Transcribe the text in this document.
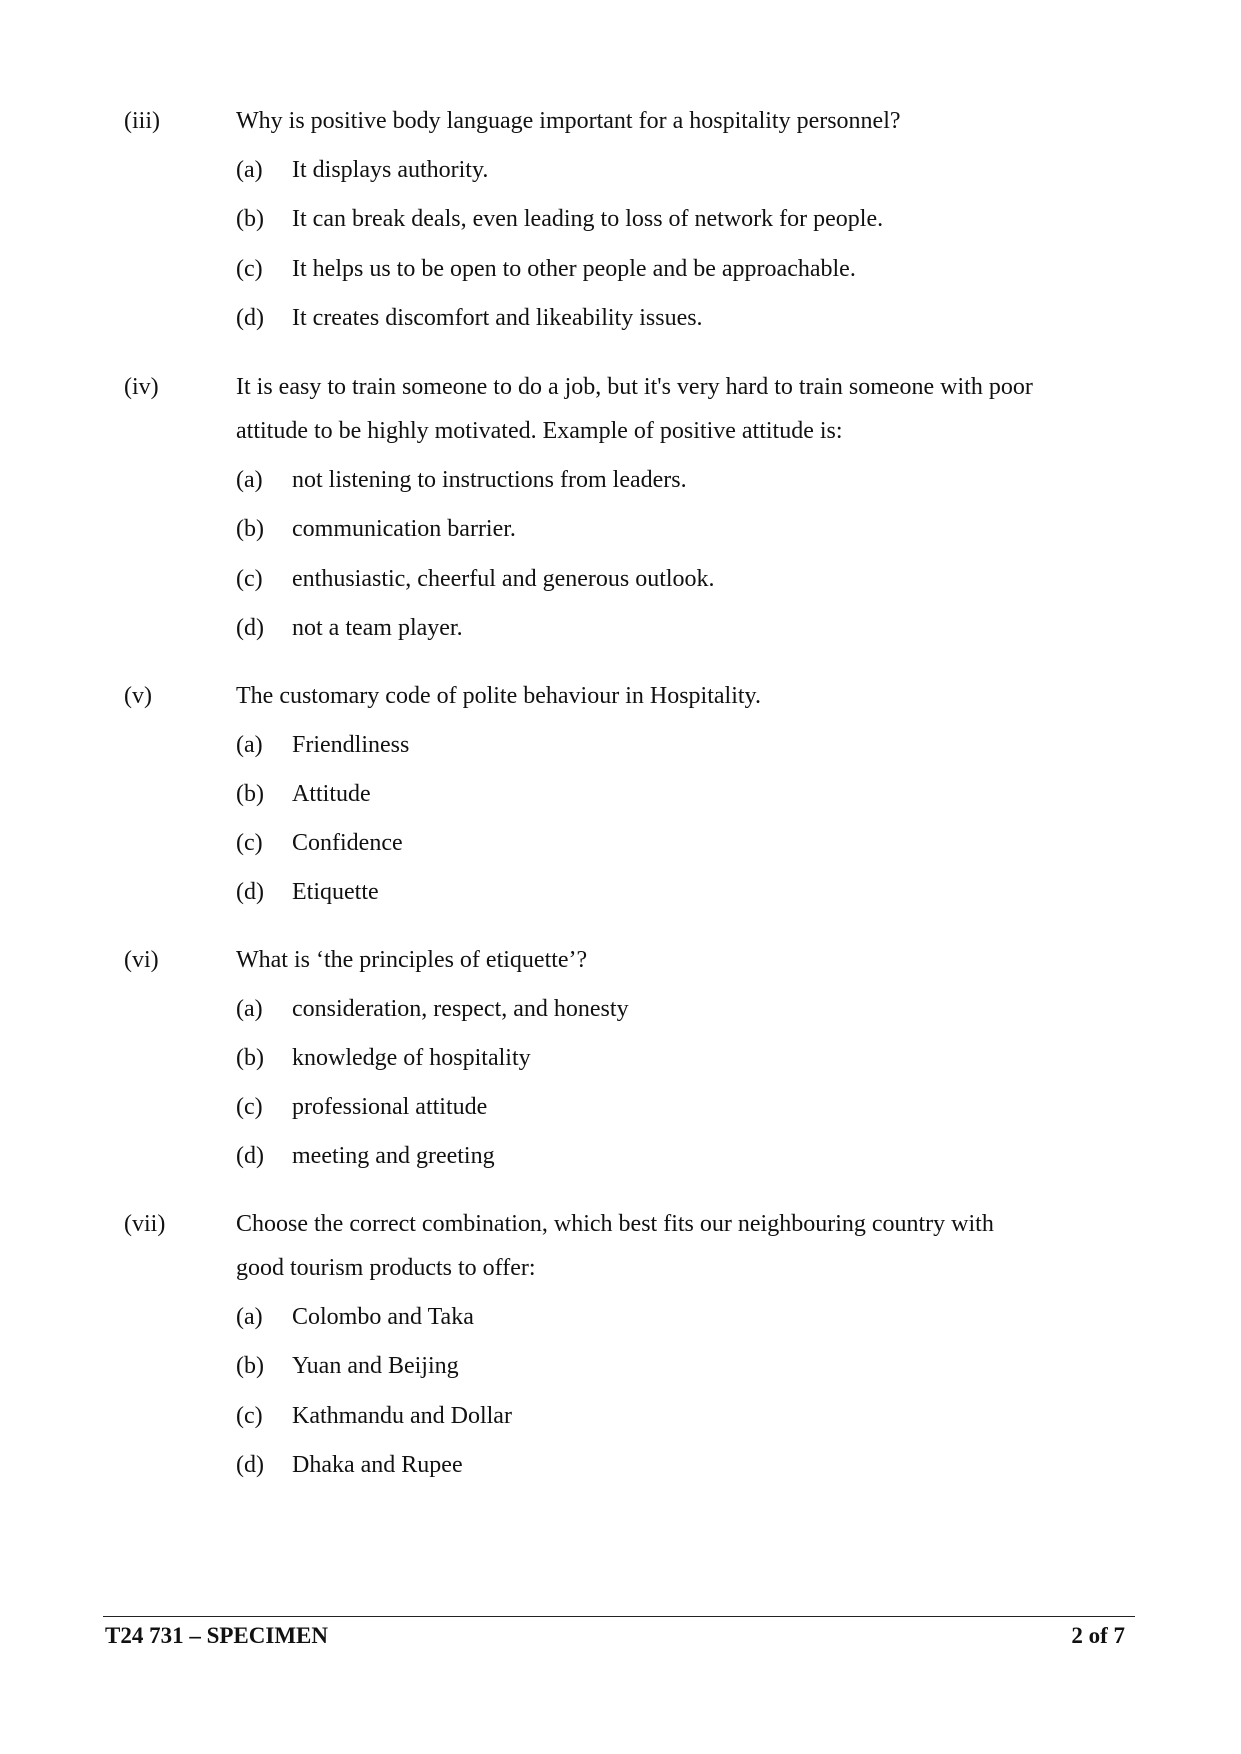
(iii)	Why is positive body language important for a hospitality personnel?
(a) It displays authority.
(b) It can break deals, even leading to loss of network for people.
(c) It helps us to be open to other people and be approachable.
(d) It creates discomfort and likeability issues.
(iv)	It is easy to train someone to do a job, but it's very hard to train someone with poor attitude to be highly motivated. Example of positive attitude is:
(a) not listening to instructions from leaders.
(b) communication barrier.
(c) enthusiastic, cheerful and generous outlook.
(d) not a team player.
(v)	The customary code of polite behaviour in Hospitality.
(a) Friendliness
(b) Attitude
(c) Confidence
(d) Etiquette
(vi)	What is ‘the principles of etiquette’?
(a) consideration, respect, and honesty
(b) knowledge of hospitality
(c) professional attitude
(d) meeting and greeting
(vii)	Choose the correct combination, which best fits our neighbouring country with good tourism products to offer:
(a) Colombo and Taka
(b) Yuan and Beijing
(c) Kathmandu and Dollar
(d) Dhaka and Rupee
T24 731 – SPECIMEN	2 of 7
